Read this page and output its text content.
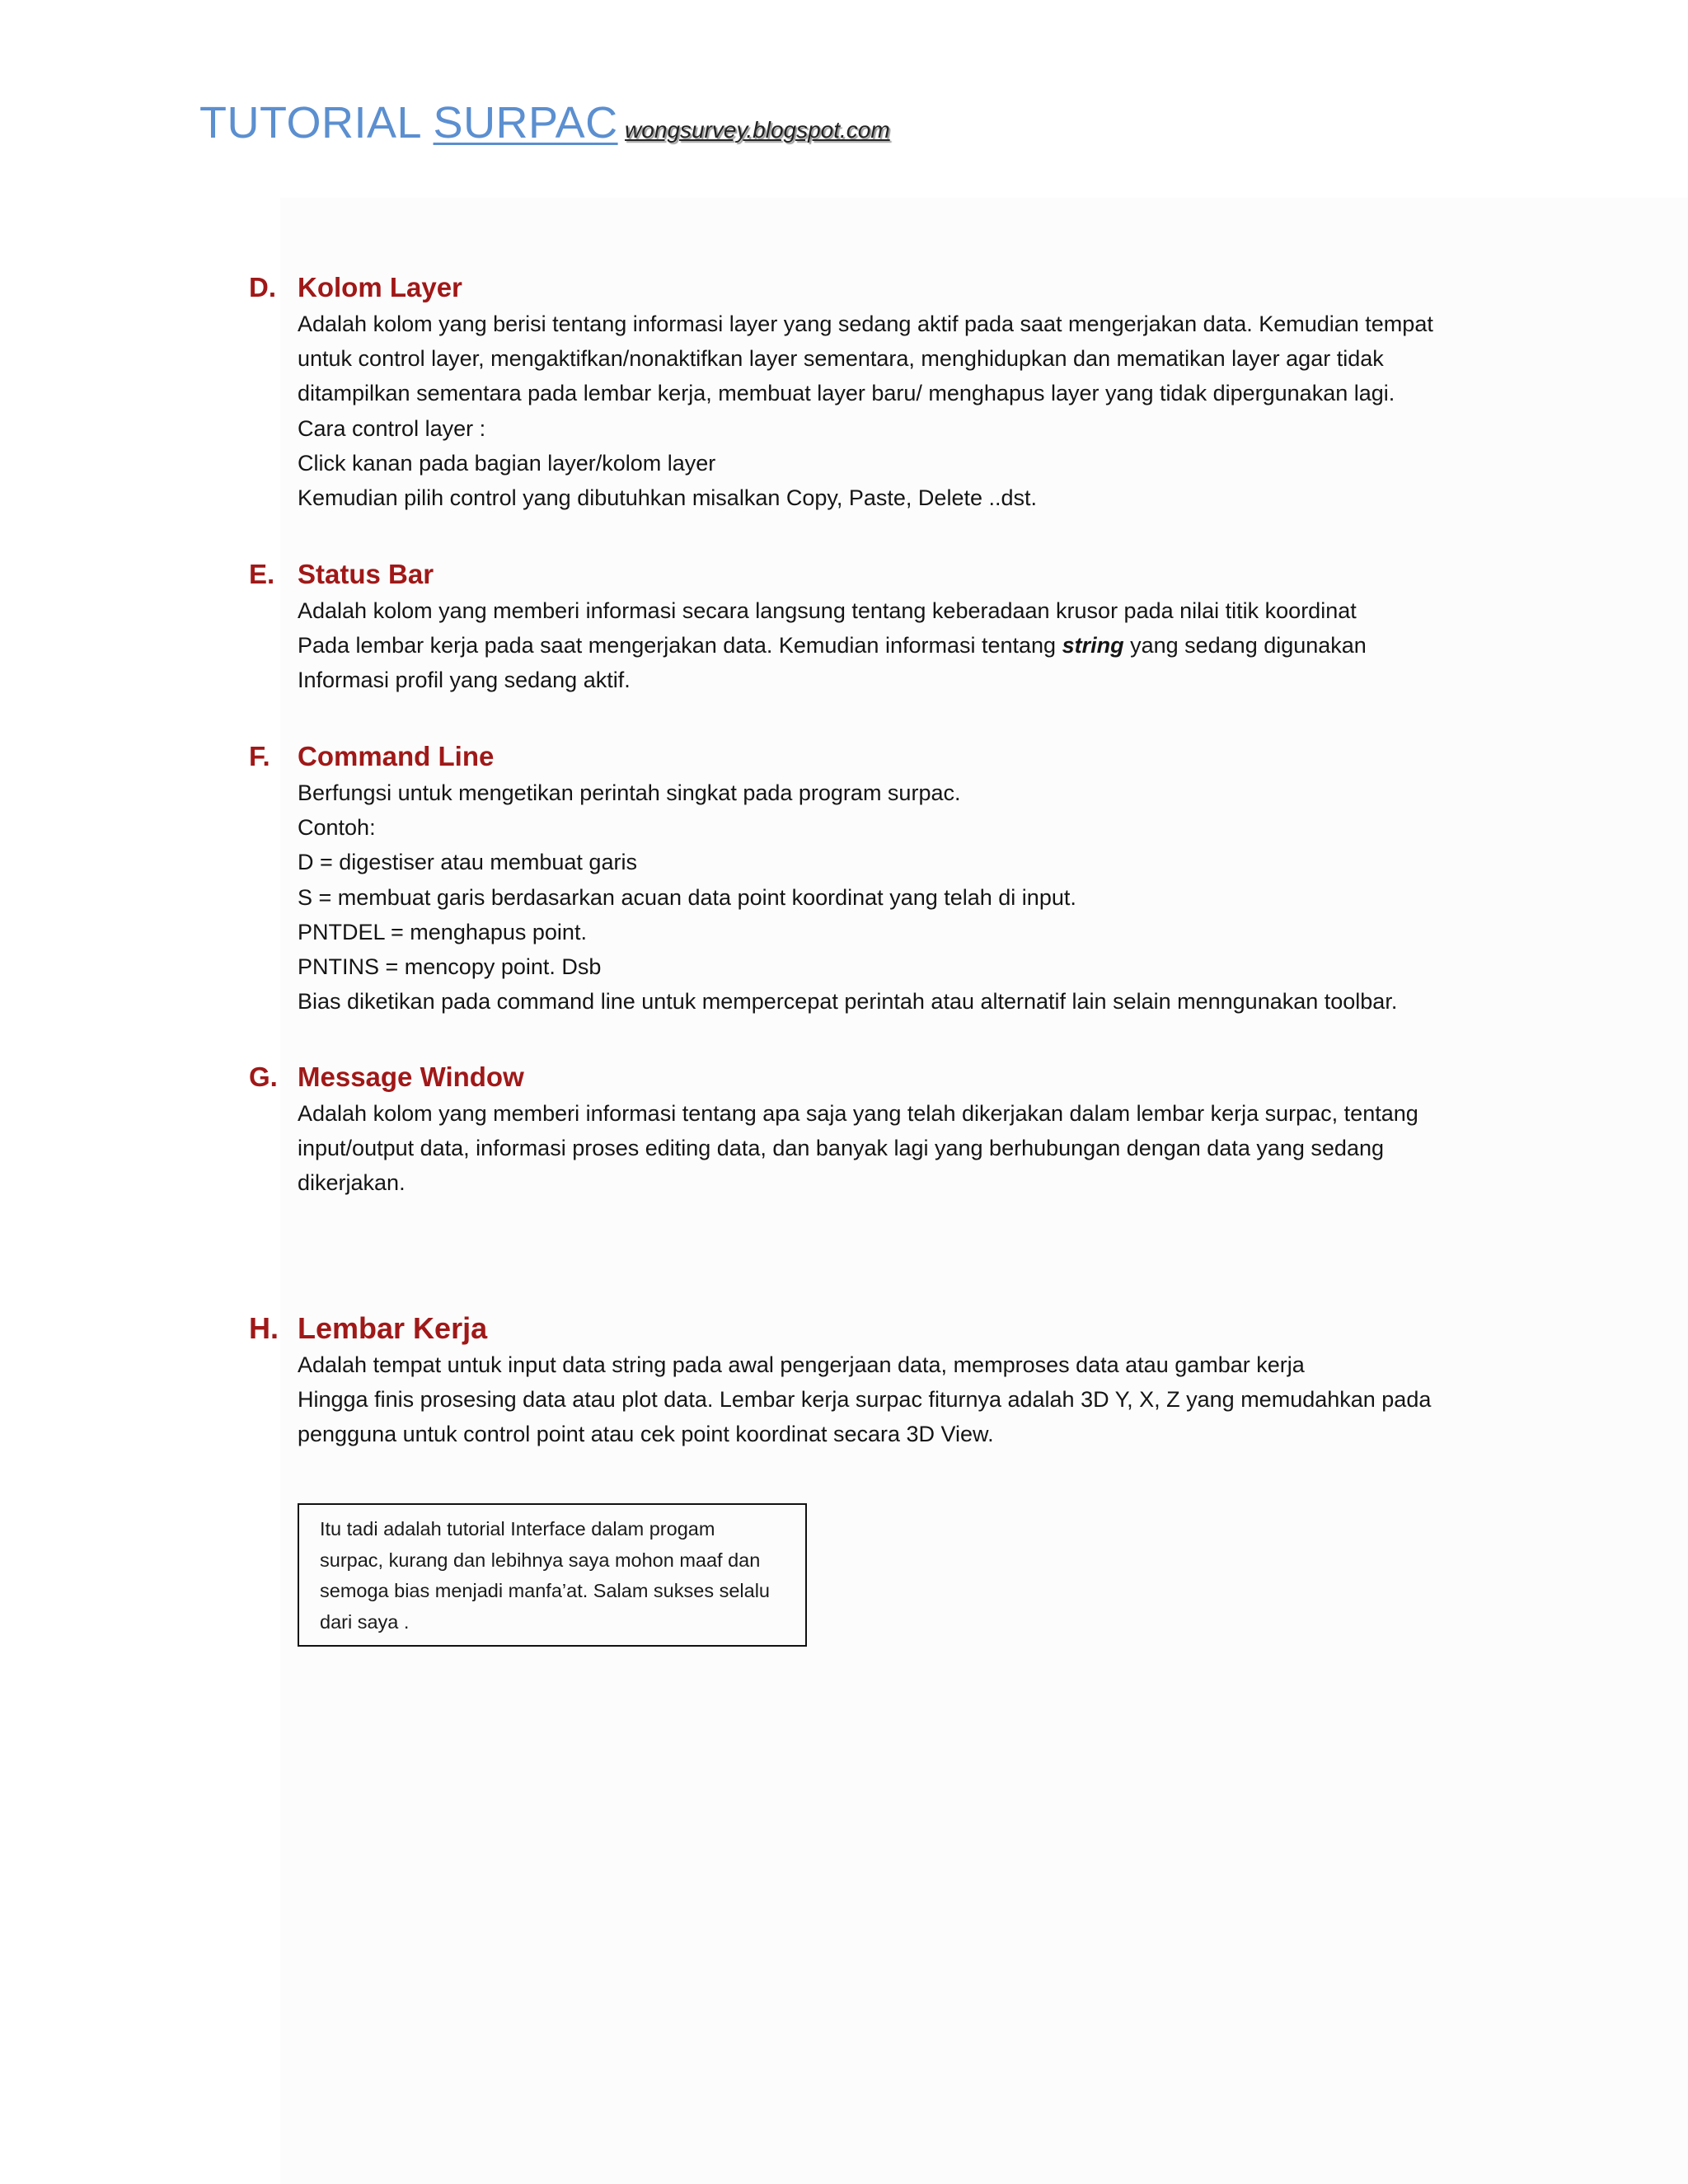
TUTORIAL SURPAC wongsurvey.blogspot.com
D. Kolom Layer

Adalah kolom yang berisi tentang informasi layer yang sedang aktif pada saat mengerjakan data. Kemudian tempat

untuk control layer, mengaktifkan/nonaktifkan layer sementara, menghidupkan dan mematikan layer agar tidak

ditampilkan sementara pada lembar kerja, membuat layer baru/ menghapus layer yang tidak dipergunakan lagi.

Cara control layer :

Click kanan pada bagian layer/kolom layer

Kemudian pilih control yang dibutuhkan misalkan Copy, Paste, Delete ..dst.

E. Status Bar

Adalah kolom yang memberi informasi secara langsung tentang keberadaan krusor pada nilai titik koordinat

Pada lembar kerja pada saat mengerjakan data. Kemudian informasi tentang string yang sedang digunakan

Informasi profil yang sedang aktif.

F.	Command Line

Berfungsi untuk mengetikan perintah singkat pada program surpac.

Contoh:

D = digestiser atau membuat garis

S = membuat garis berdasarkan acuan data point koordinat yang telah di input.

PNTDEL = menghapus point.

PNTINS = mencopy point. Dsb

Bias diketikan pada command line untuk mempercepat perintah atau alternatif lain selain menngunakan toolbar.

G. Message Window

Adalah kolom yang memberi informasi tentang apa saja yang telah dikerjakan dalam lembar kerja surpac, tentang

input/output data, informasi proses editing data, dan banyak lagi yang berhubungan dengan data yang sedang

dikerjakan.

H. Lembar Kerja

Adalah tempat untuk input data string pada awal pengerjaan data, memproses data atau gambar kerja

Hingga finis prosesing data atau plot data. Lembar kerja surpac fiturnya adalah 3D Y, X, Z yang memudahkan pada

pengguna untuk control point atau cek point koordinat secara 3D View.

Itu tadi adalah tutorial Interface dalam progam

surpac, kurang dan lebihnya saya mohon maaf dan

semoga bias menjadi manfa’at. Salam sukses selalu

dari saya .
